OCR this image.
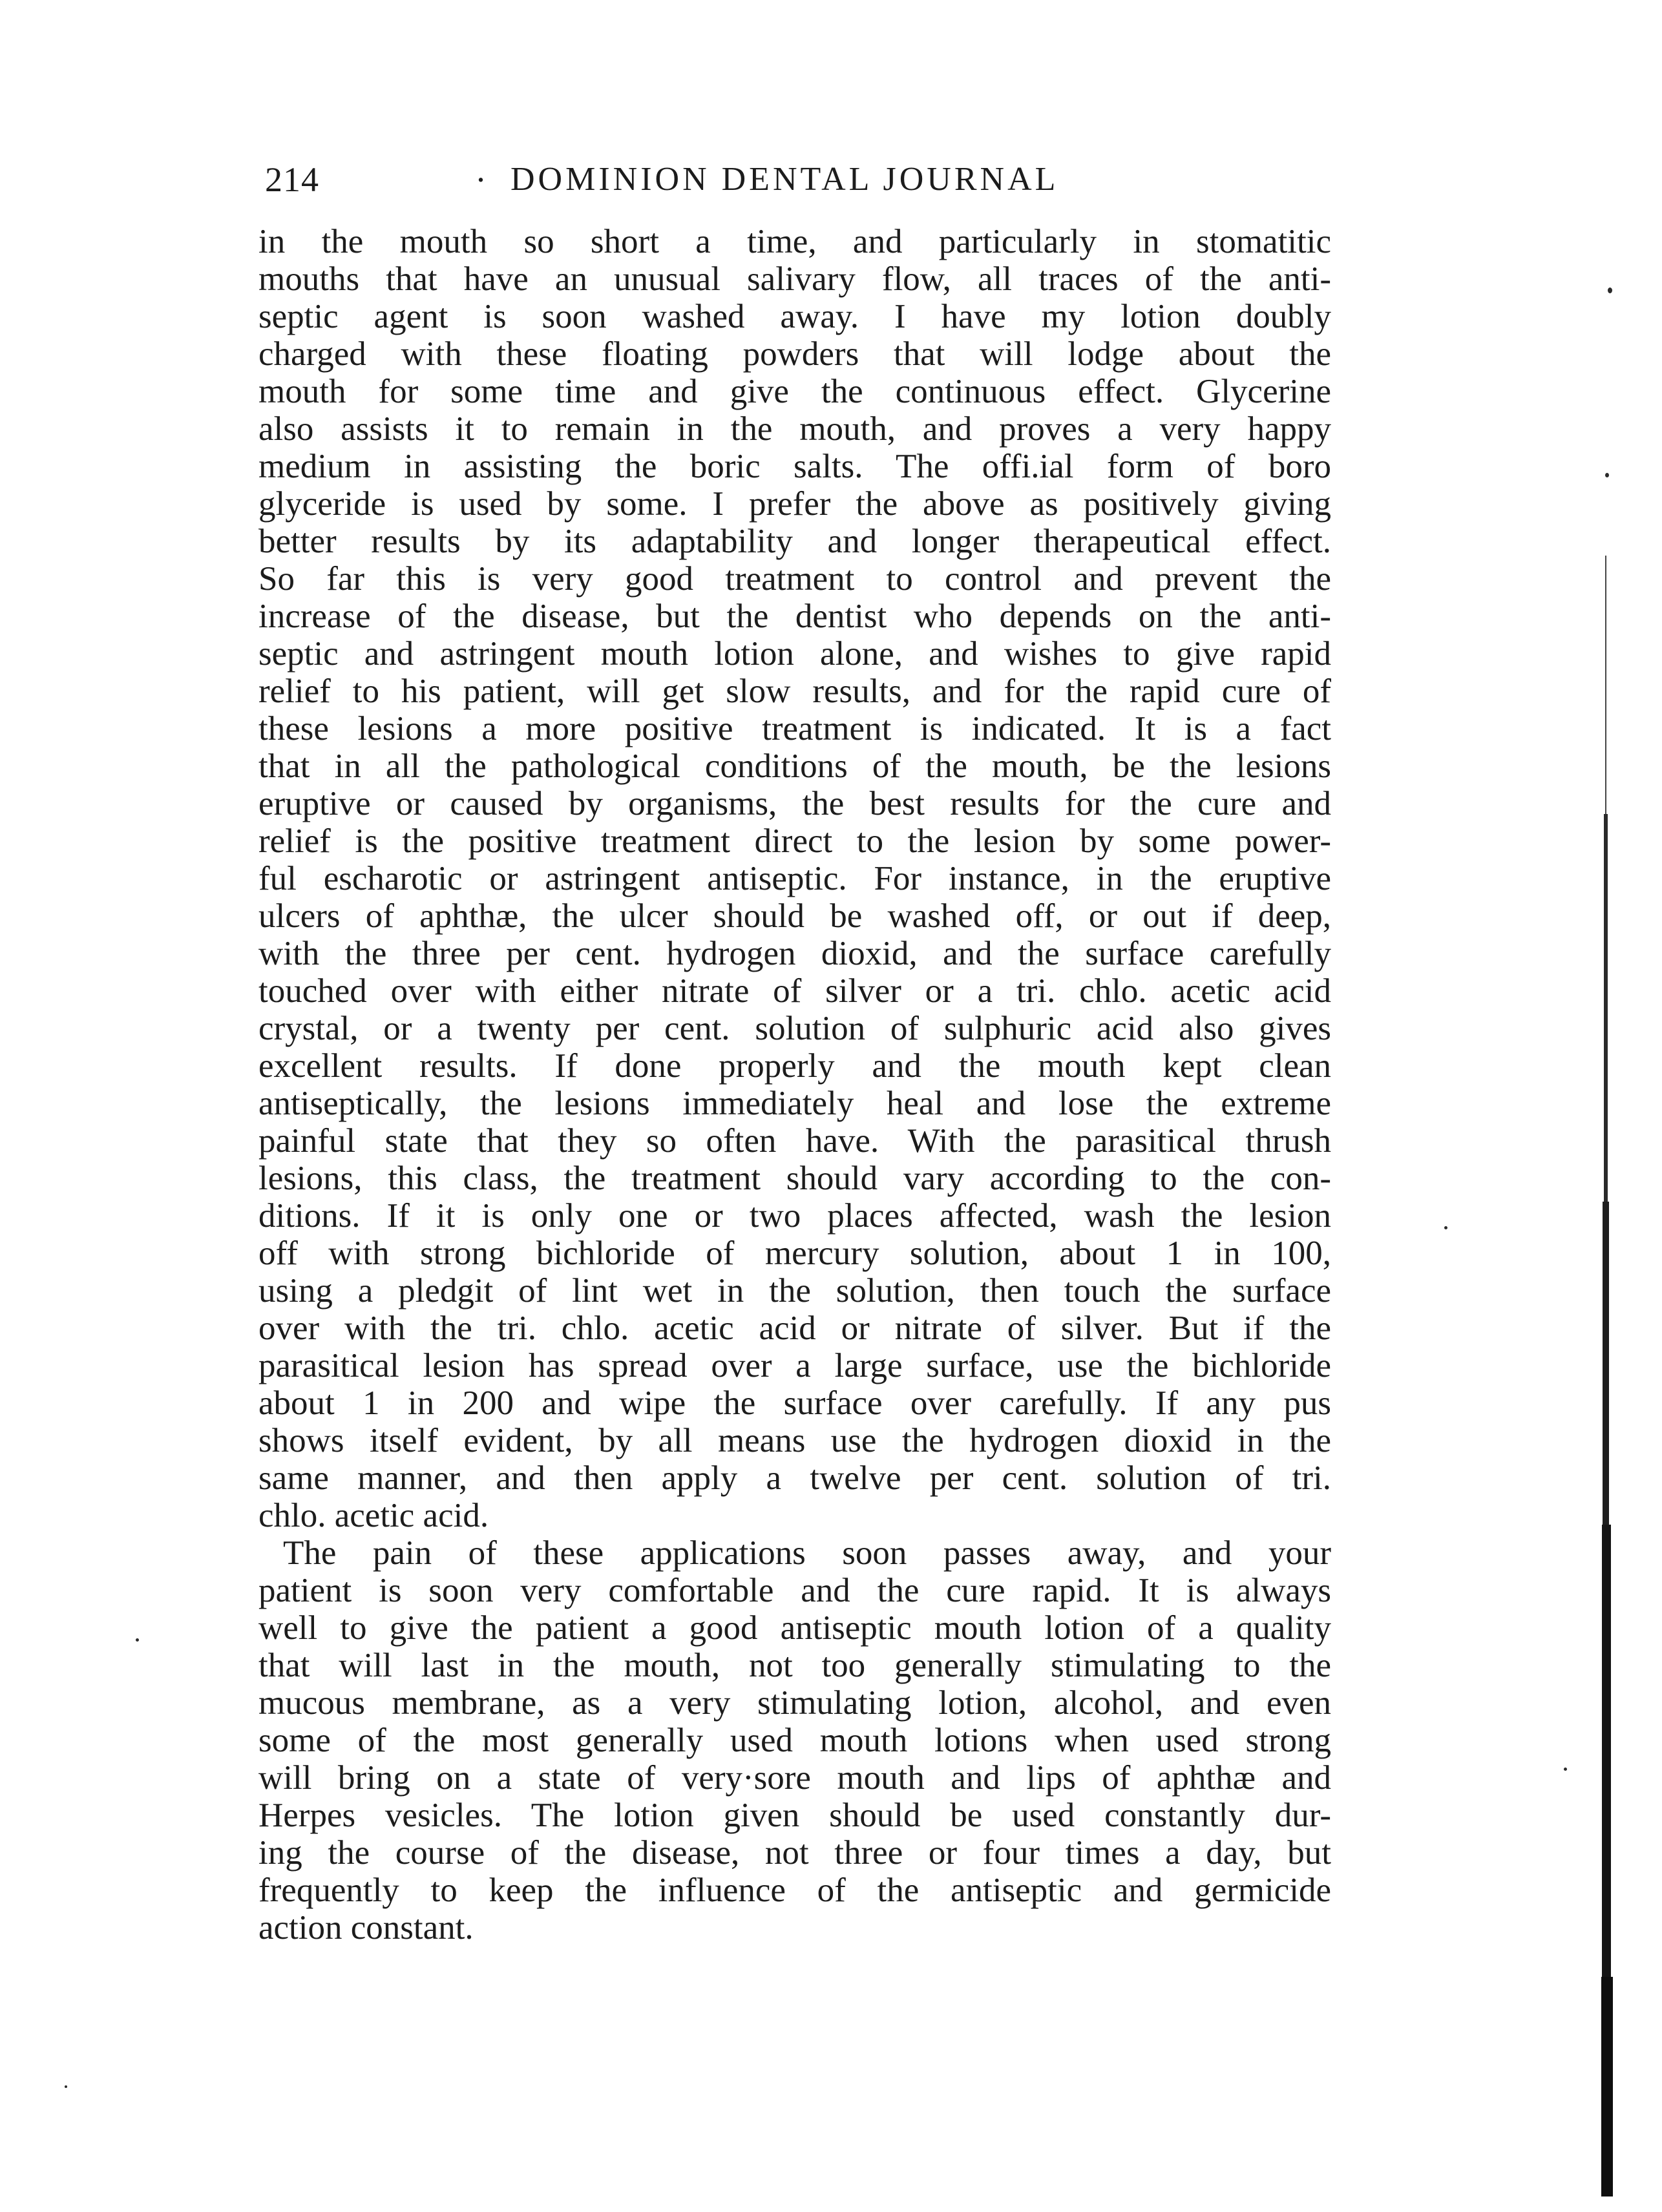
214	· DOMINION DENTAL JOURNAL
in the mouth so short a time, and particularly in stomatitic
mouths that have an unusual salivary flow, all traces of the anti-
septic agent is soon washed away. I have my lotion doubly
charged with these floating powders that will lodge about the
mouth for some time and give the continuous effect. Glycerine
also assists it to remain in the mouth, and proves a very happy
medium in assisting the boric salts. The offi.ial form of boro
glyceride is used by some. I prefer the above as positively giving
better results by its adaptability and longer therapeutical effect.
So far this is very good treatment to control and prevent the
increase of the disease, but the dentist who depends on the anti-
septic and astringent mouth lotion alone, and wishes to give rapid
relief to his patient, will get slow results, and for the rapid cure of
these lesions a more positive treatment is indicated. It is a fact
that in all the pathological conditions of the mouth, be the lesions
eruptive or caused by organisms, the best results for the cure and
relief is the positive treatment direct to the lesion by some power-
ful escharotic or astringent antiseptic. For instance, in the eruptive
ulcers of aphthæ, the ulcer should be washed off, or out if deep,
with the three per cent. hydrogen dioxid, and the surface carefully
touched over with either nitrate of silver or a tri. chlo. acetic acid
crystal, or a twenty per cent. solution of sulphuric acid also gives
excellent results. If done properly and the mouth kept clean
antiseptically, the lesions immediately heal and lose the extreme
painful state that they so often have. With the parasitical thrush
lesions, this class, the treatment should vary according to the con-
ditions. If it is only one or two places affected, wash the lesion
off with strong bichloride of mercury solution, about 1 in 100,
using a pledgit of lint wet in the solution, then touch the surface
over with the tri. chlo. acetic acid or nitrate of silver. But if the
parasitical lesion has spread over a large surface, use the bichloride
about 1 in 200 and wipe the surface over carefully. If any pus
shows itself evident, by all means use the hydrogen dioxid in the
same manner, and then apply a twelve per cent. solution of tri.
chlo. acetic acid.
The pain of these applications soon passes away, and your
patient is soon very comfortable and the cure rapid. It is always
well to give the patient a good antiseptic mouth lotion of a quality
that will last in the mouth, not too generally stimulating to the
mucous membrane, as a very stimulating lotion, alcohol, and even
some of the most generally used mouth lotions when used strong
will bring on a state of very·sore mouth and lips of aphthæ and
Herpes vesicles. The lotion given should be used constantly dur-
ing the course of the disease, not three or four times a day, but
frequently to keep the influence of the antiseptic and germicide
action constant.
